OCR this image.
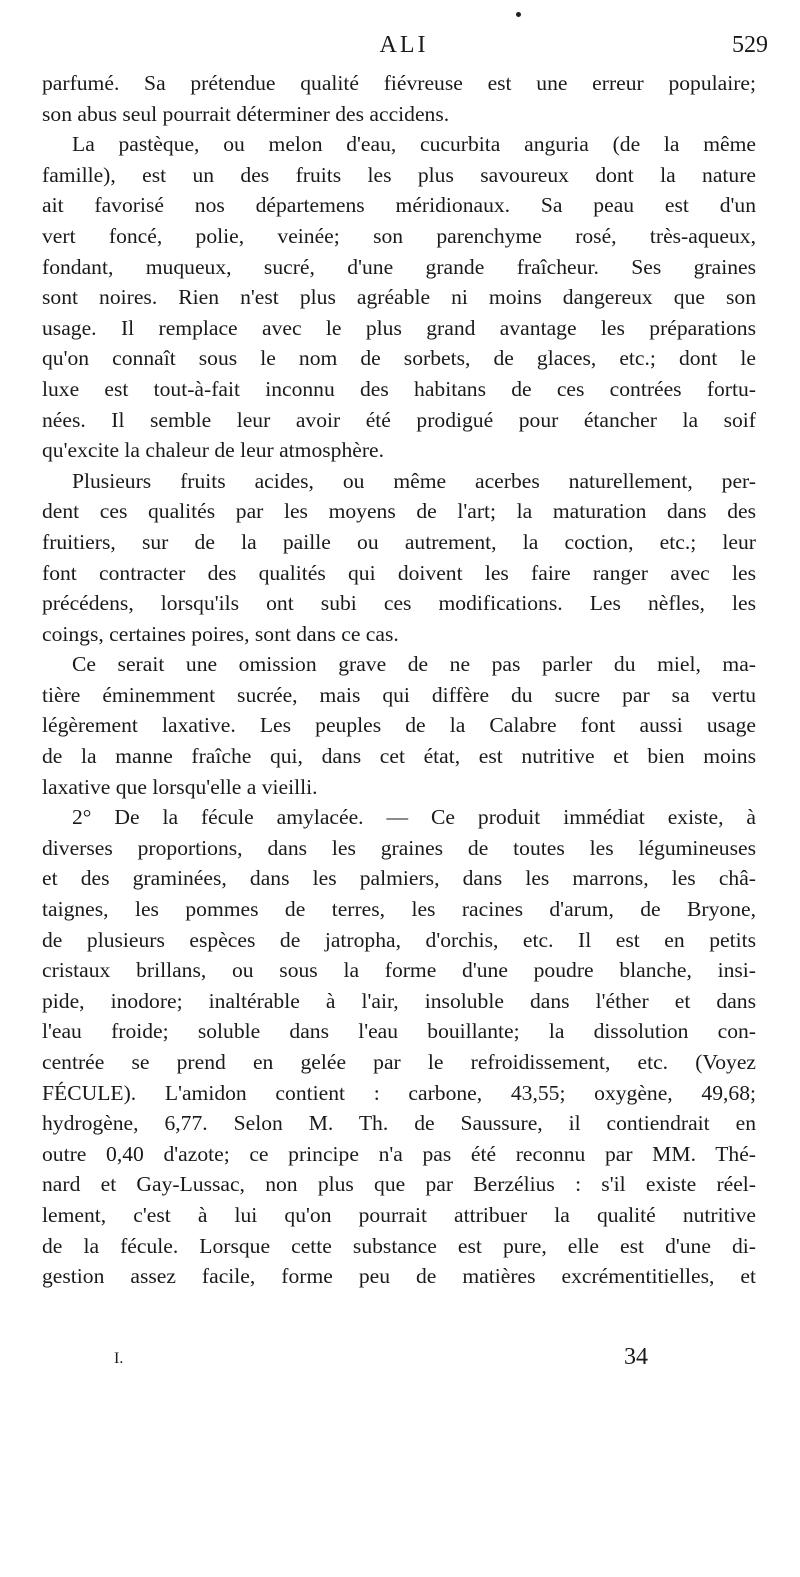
ALI	529
parfumé. Sa prétendue qualité fiévreuse est une erreur populaire;
son abus seul pourrait déterminer des accidens.
La pastèque, ou melon d'eau, cucurbita anguria (de la même
famille), est un des fruits les plus savoureux dont la nature
ait favorisé nos départemens méridionaux. Sa peau est d'un
vert foncé, polie, veinée; son parenchyme rosé, très-aqueux,
fondant, muqueux, sucré, d'une grande fraîcheur. Ses graines
sont noires. Rien n'est plus agréable ni moins dangereux que son
usage. Il remplace avec le plus grand avantage les préparations
qu'on connaît sous le nom de sorbets, de glaces, etc.; dont le
luxe est tout-à-fait inconnu des habitans de ces contrées fortu-
nées. Il semble leur avoir été prodigué pour étancher la soif
qu'excite la chaleur de leur atmosphère.
Plusieurs fruits acides, ou même acerbes naturellement, per-
dent ces qualités par les moyens de l'art; la maturation dans des
fruitiers, sur de la paille ou autrement, la coction, etc.; leur
font contracter des qualités qui doivent les faire ranger avec les
précédens, lorsqu'ils ont subi ces modifications. Les nèfles, les
coings, certaines poires, sont dans ce cas.
Ce serait une omission grave de ne pas parler du miel, ma-
tière éminemment sucrée, mais qui diffère du sucre par sa vertu
légèrement laxative. Les peuples de la Calabre font aussi usage
de la manne fraîche qui, dans cet état, est nutritive et bien moins
laxative que lorsqu'elle a vieilli.
2° De la fécule amylacée. — Ce produit immédiat existe, à
diverses proportions, dans les graines de toutes les légumineuses
et des graminées, dans les palmiers, dans les marrons, les châ-
taignes, les pommes de terres, les racines d'arum, de Bryone,
de plusieurs espèces de jatropha, d'orchis, etc. Il est en petits
cristaux brillans, ou sous la forme d'une poudre blanche, insi-
pide, inodore; inaltérable à l'air, insoluble dans l'éther et dans
l'eau froide; soluble dans l'eau bouillante; la dissolution con-
centrée se prend en gelée par le refroidissement, etc. (Voyez
FÉCULE). L'amidon contient : carbone, 43,55; oxygène, 49,68;
hydrogène, 6,77. Selon M. Th. de Saussure, il contiendrait en
outre 0,40 d'azote; ce principe n'a pas été reconnu par MM. Thé-
nard et Gay-Lussac, non plus que par Berzélius : s'il existe réel-
lement, c'est à lui qu'on pourrait attribuer la qualité nutritive
de la fécule. Lorsque cette substance est pure, elle est d'une di-
gestion assez facile, forme peu de matières excrémentitielles, et
I.	34
